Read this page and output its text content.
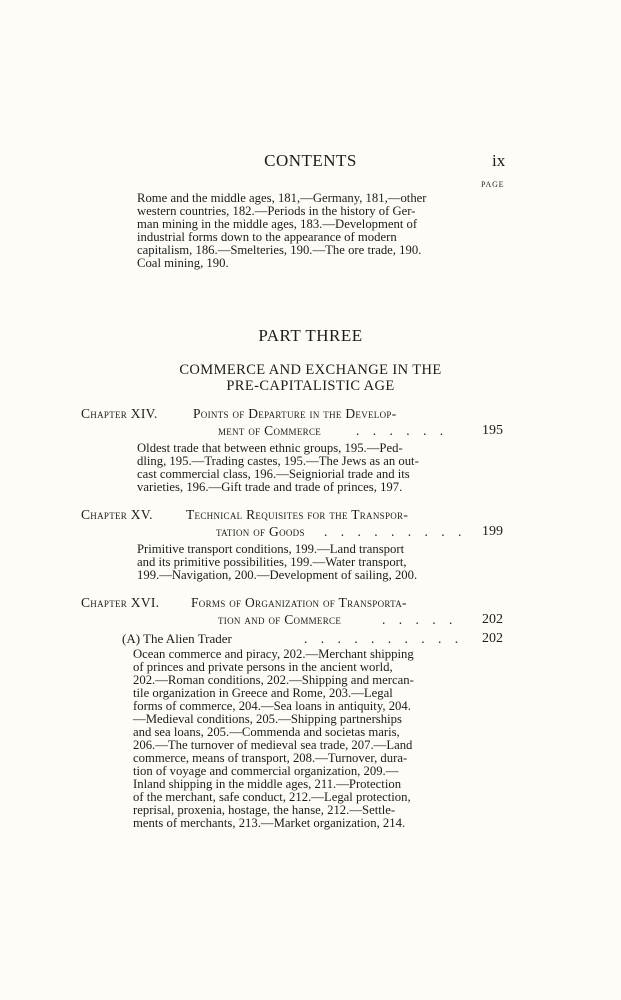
CONTENTS	ix
PAGE
Rome and the middle ages, 181,—Germany, 181,—other
western countries, 182.—Periods in the history of Ger-
man mining in the middle ages, 183.—Development of
industrial forms down to the appearance of modern
capitalism, 186.—Smelteries, 190.—The ore trade, 190.
Coal mining, 190.
PART THREE
COMMERCE AND EXCHANGE IN THE
PRE-CAPITALISTIC AGE
Chapter XIV.	Points of Departure in the Develop-
ment of Commerce	. . . . . . 195
Oldest trade that between ethnic groups, 195.—Ped-
dling, 195.—Trading castes, 195.—The Jews as an out-
cast commercial class, 196.—Seigniorial trade and its
varieties, 196.—Gift trade and trade of princes, 197.
Chapter XV. Technical Requisites for the Transpor-
tation of Goods . . . . . . . . . 199
Primitive transport conditions, 199.—Land transport
and its primitive possibilities, 199.—Water transport,
199.—Navigation, 200.—Development of sailing, 200.
Chapter XVI. Forms of Organization of Transporta-
tion and of Commerce	. . . . . 202
(A) The Alien Trader	. . . . . . . . . . 202
Ocean commerce and piracy, 202.—Merchant shipping
of princes and private persons in the ancient world,
202.—Roman conditions, 202.—Shipping and mercan-
tile organization in Greece and Rome, 203.—Legal
forms of commerce, 204.—Sea loans in antiquity, 204.
—Medieval conditions, 205.—Shipping partnerships
and sea loans, 205.—Commenda and societas maris,
206.—The turnover of medieval sea trade, 207.—Land
commerce, means of transport, 208.—Turnover, dura-
tion of voyage and commercial organization, 209.—
Inland shipping in the middle ages, 211.—Protection
of the merchant, safe conduct, 212.—Legal protection,
reprisal, proxenia, hostage, the hanse, 212.—Settle-
ments of merchants, 213.—Market organization, 214.
